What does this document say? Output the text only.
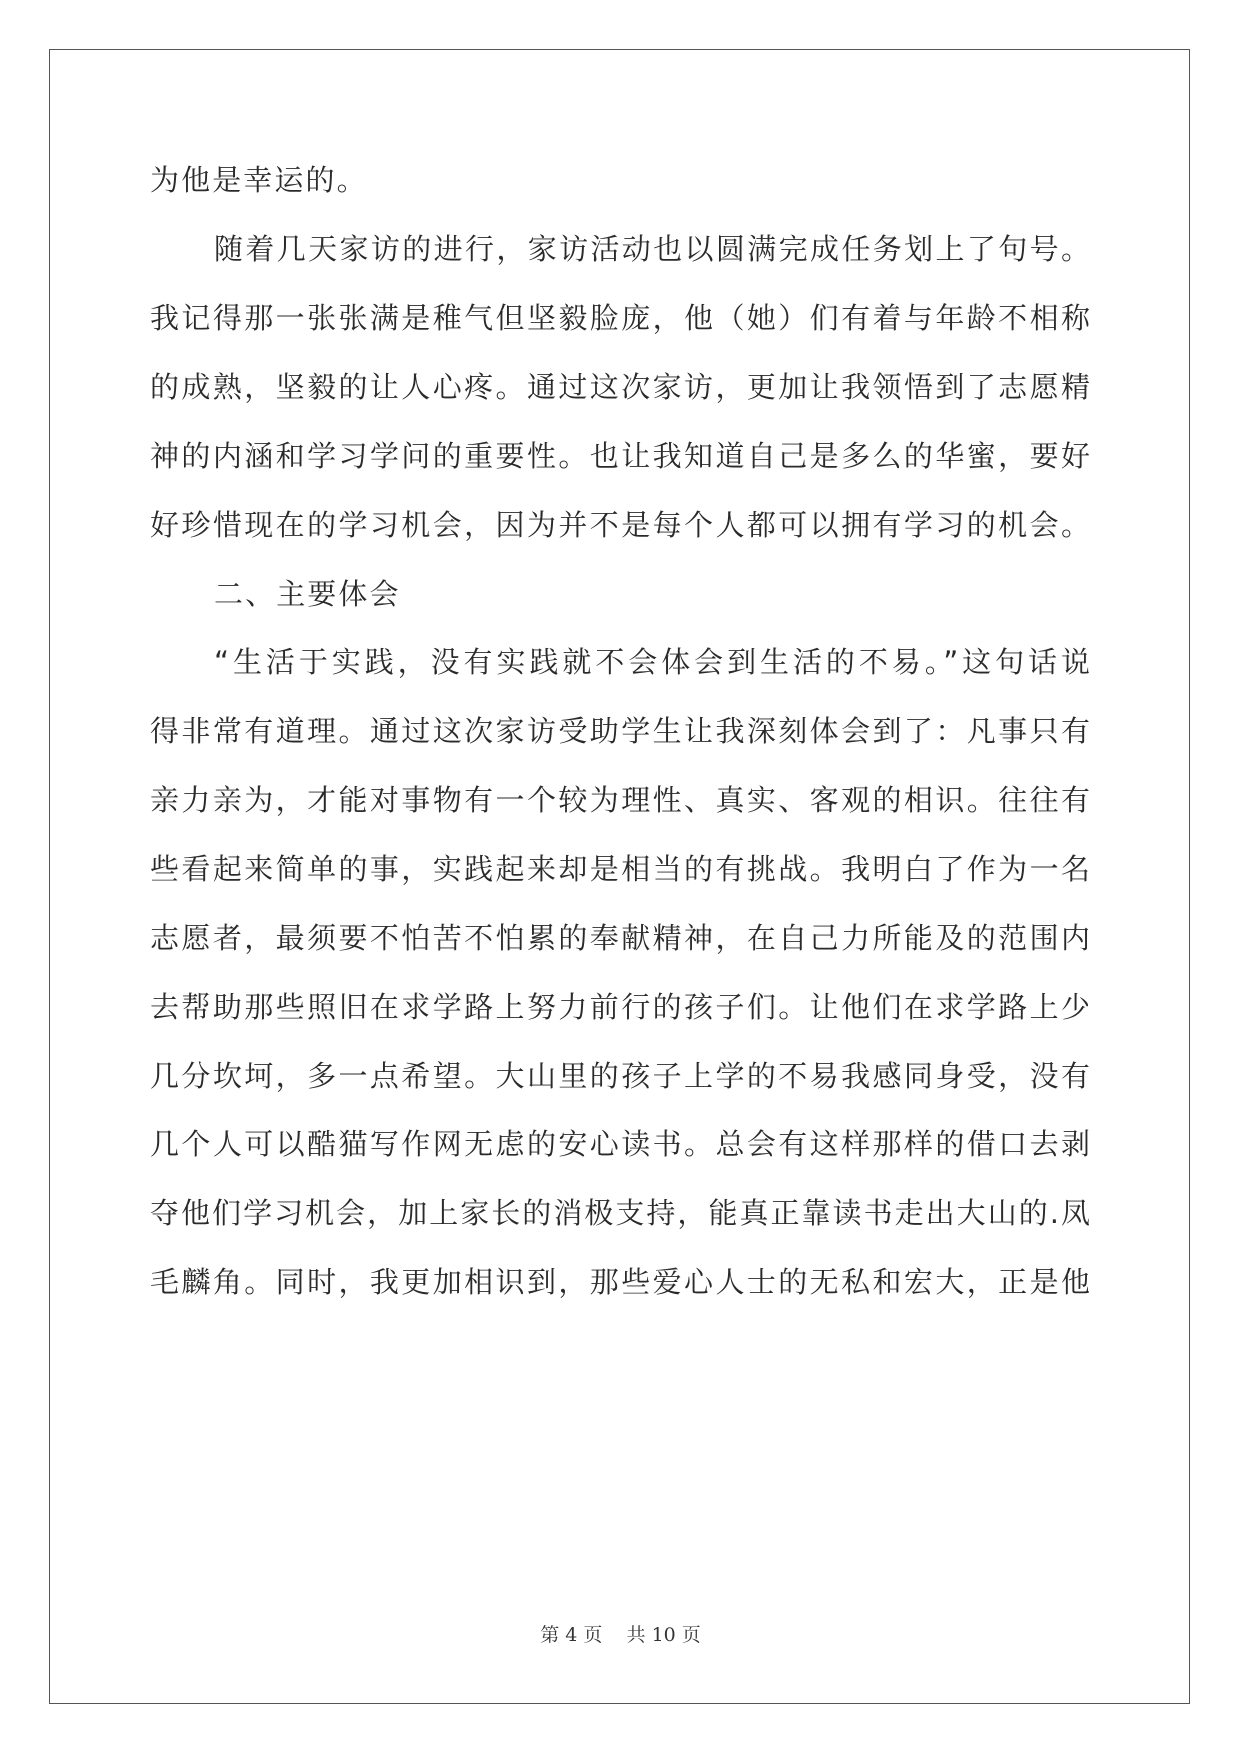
为他是幸运的。
随着几天家访的进行，家访活动也以圆满完成任务划上了句号。
我记得那一张张满是稚气但坚毅脸庞，他（她）们有着与年龄不相称
的成熟，坚毅的让人心疼。通过这次家访，更加让我领悟到了志愿精
神的内涵和学习学问的重要性。也让我知道自己是多么的华蜜，要好
好珍惜现在的学习机会，因为并不是每个人都可以拥有学习的机会。
二、主要体会
“生活于实践，没有实践就不会体会到生活的不易。”这句话说
得非常有道理。通过这次家访受助学生让我深刻体会到了：凡事只有
亲力亲为，才能对事物有一个较为理性、真实、客观的相识。往往有
些看起来简单的事，实践起来却是相当的有挑战。我明白了作为一名
志愿者，最须要不怕苦不怕累的奉献精神，在自己力所能及的范围内
去帮助那些照旧在求学路上努力前行的孩子们。让他们在求学路上少
几分坎坷，多一点希望。大山里的孩子上学的不易我感同身受，没有
几个人可以酷猫写作网无虑的安心读书。总会有这样那样的借口去剥
夺他们学习机会，加上家长的消极支持，能真正靠读书走出大山的.凤
毛麟角。同时，我更加相识到，那些爱心人士的无私和宏大，正是他
第 4 页    共 10 页
